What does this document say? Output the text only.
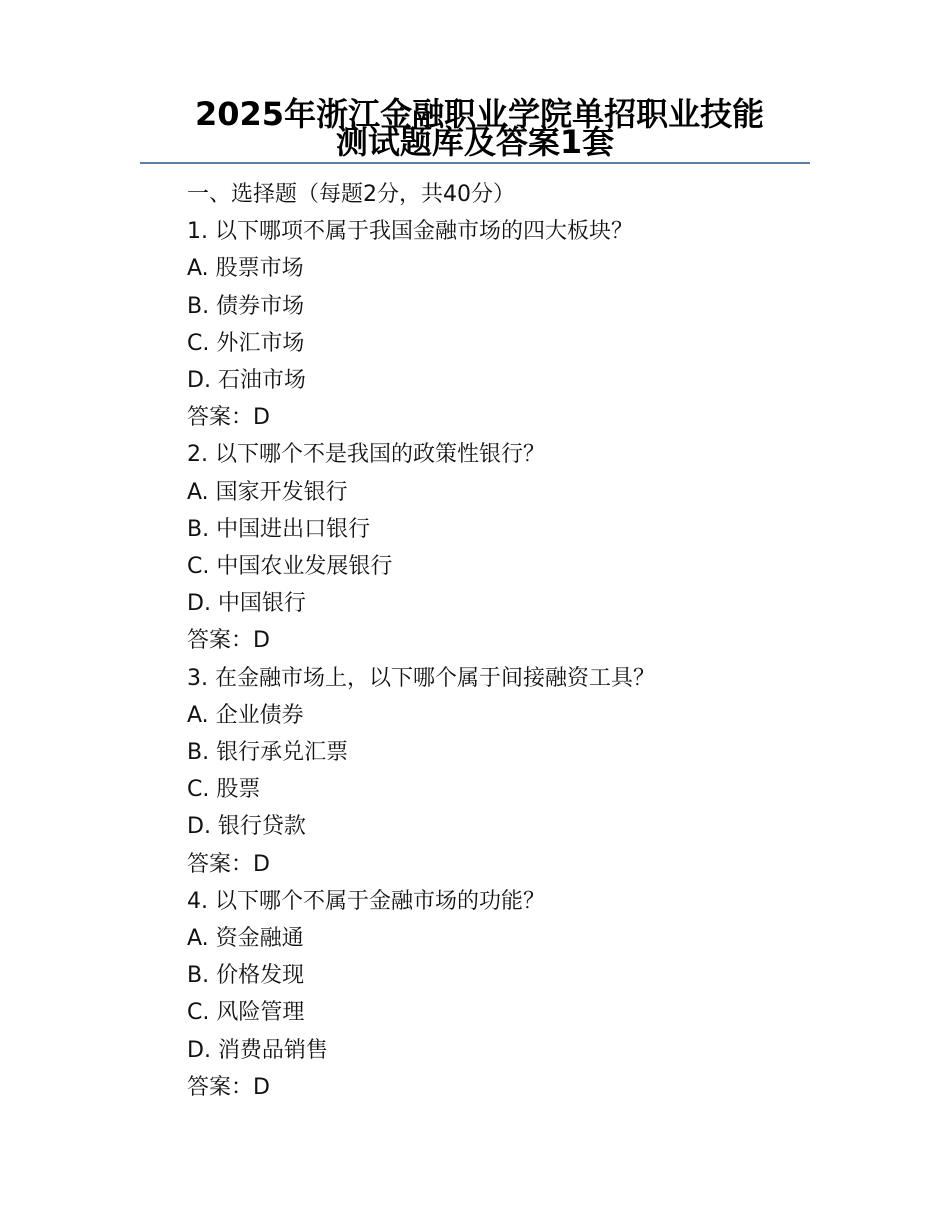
2025年浙江金融职业学院单招职业技能
测试题库及答案1套
一、选择题（每题2分，共40分）
1. 以下哪项不属于我国金融市场的四大板块？
A. 股票市场
B. 债券市场
C. 外汇市场
D. 石油市场
答案：D
2. 以下哪个不是我国的政策性银行？
A. 国家开发银行
B. 中国进出口银行
C. 中国农业发展银行
D. 中国银行
答案：D
3. 在金融市场上，以下哪个属于间接融资工具？
A. 企业债券
B. 银行承兑汇票
C. 股票
D. 银行贷款
答案：D
4. 以下哪个不属于金融市场的功能？
A. 资金融通
B. 价格发现
C. 风险管理
D. 消费品销售
答案：D
